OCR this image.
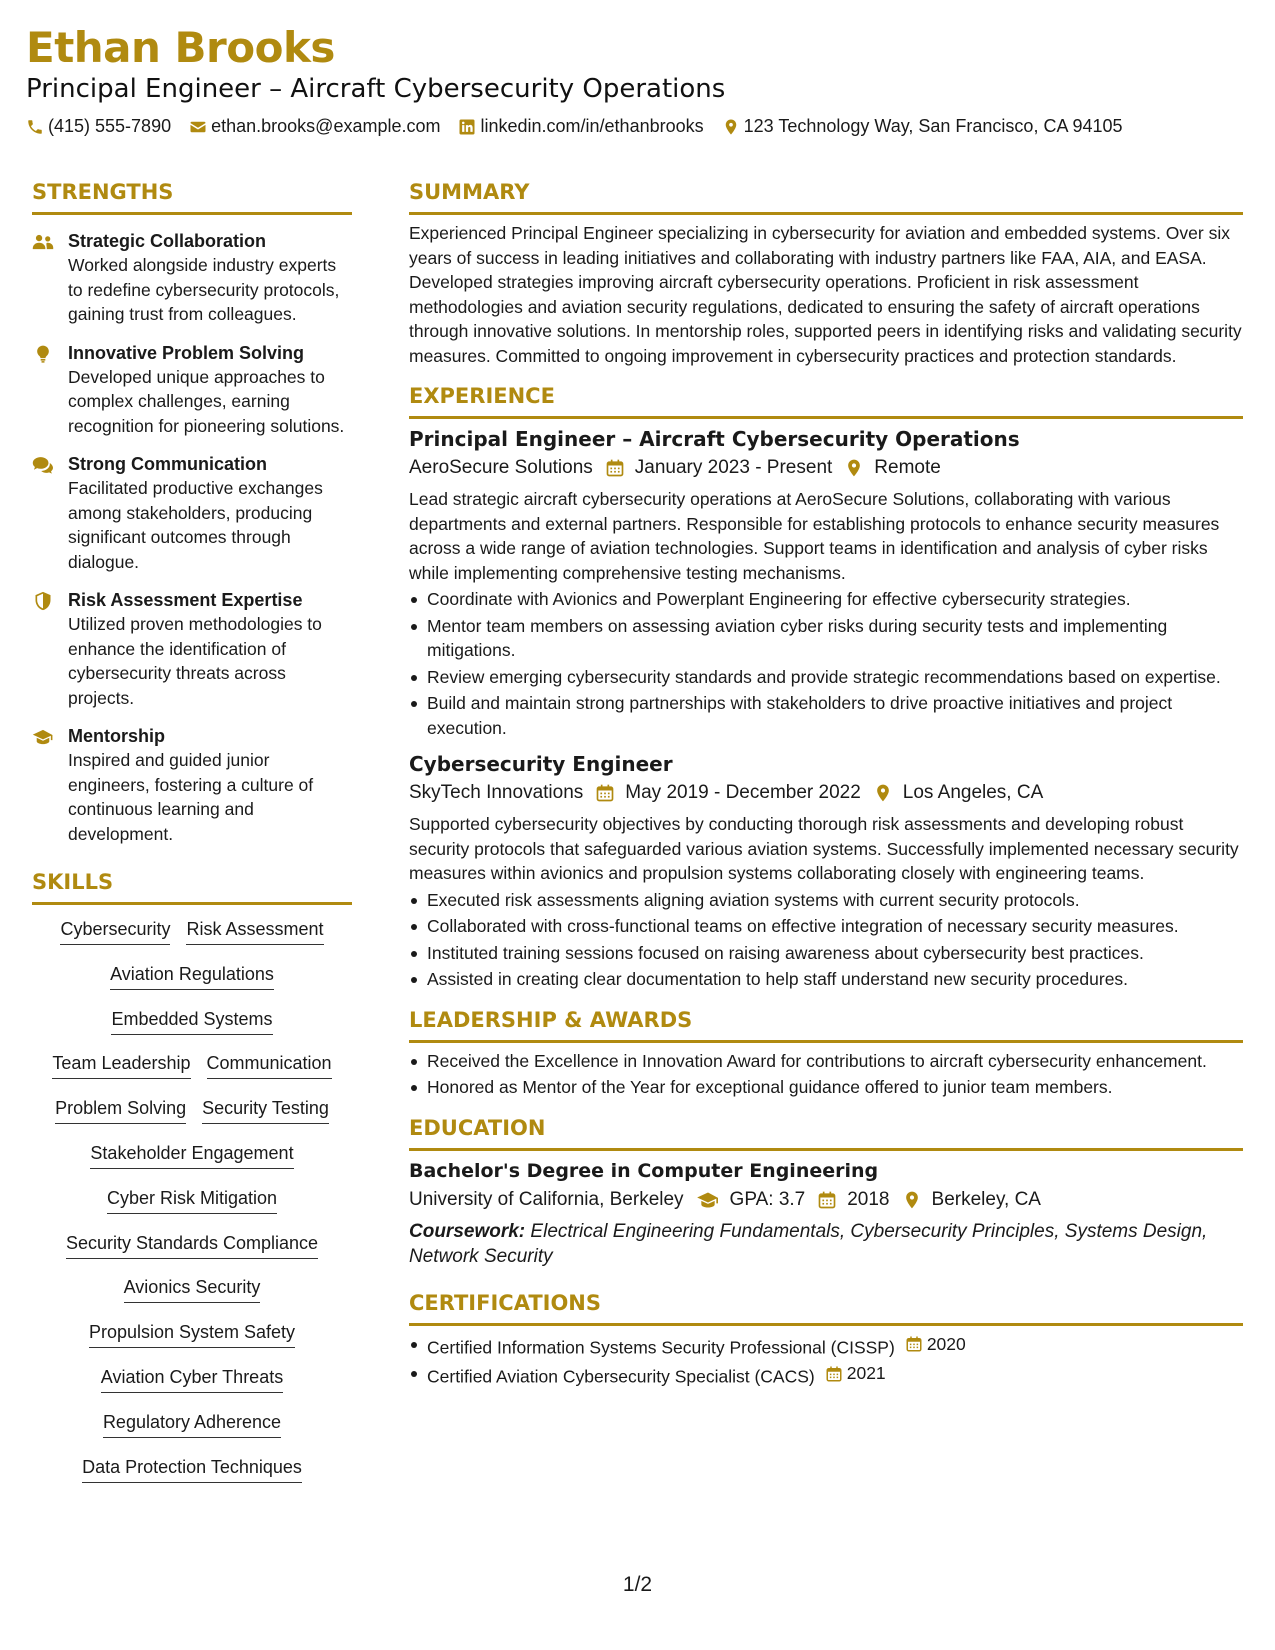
Ethan Brooks
Principal Engineer – Aircraft Cybersecurity Operations
(415) 555-7890 ethan.brooks@example.com linkedin.com/in/ethanbrooks 123 Technology Way, San Francisco, CA 94105
STRENGTHS
Strategic Collaboration
Worked alongside industry experts to redefine cybersecurity protocols, gaining trust from colleagues.
Innovative Problem Solving
Developed unique approaches to complex challenges, earning recognition for pioneering solutions.
Strong Communication
Facilitated productive exchanges among stakeholders, producing significant outcomes through dialogue.
Risk Assessment Expertise
Utilized proven methodologies to enhance the identification of cybersecurity threats across projects.
Mentorship
Inspired and guided junior engineers, fostering a culture of continuous learning and development.
SKILLS
Cybersecurity Risk Assessment
Aviation Regulations
Embedded Systems
Team Leadership Communication
Problem Solving Security Testing
Stakeholder Engagement
Cyber Risk Mitigation
Security Standards Compliance
Avionics Security
Propulsion System Safety
Aviation Cyber Threats
Regulatory Adherence
Data Protection Techniques
SUMMARY
Experienced Principal Engineer specializing in cybersecurity for aviation and embedded systems. Over six years of success in leading initiatives and collaborating with industry partners like FAA, AIA, and EASA. Developed strategies improving aircraft cybersecurity operations. Proficient in risk assessment methodologies and aviation security regulations, dedicated to ensuring the safety of aircraft operations through innovative solutions. In mentorship roles, supported peers in identifying risks and validating security measures. Committed to ongoing improvement in cybersecurity practices and protection standards.
EXPERIENCE
Principal Engineer – Aircraft Cybersecurity Operations
AeroSecure Solutions January 2023 - Present Remote
Lead strategic aircraft cybersecurity operations at AeroSecure Solutions, collaborating with various departments and external partners. Responsible for establishing protocols to enhance security measures across a wide range of aviation technologies. Support teams in identification and analysis of cyber risks while implementing comprehensive testing mechanisms.
Coordinate with Avionics and Powerplant Engineering for effective cybersecurity strategies.
Mentor team members on assessing aviation cyber risks during security tests and implementing mitigations.
Review emerging cybersecurity standards and provide strategic recommendations based on expertise.
Build and maintain strong partnerships with stakeholders to drive proactive initiatives and project execution.
Cybersecurity Engineer
SkyTech Innovations May 2019 - December 2022 Los Angeles, CA
Supported cybersecurity objectives by conducting thorough risk assessments and developing robust security protocols that safeguarded various aviation systems. Successfully implemented necessary security measures within avionics and propulsion systems collaborating closely with engineering teams.
Executed risk assessments aligning aviation systems with current security protocols.
Collaborated with cross-functional teams on effective integration of necessary security measures.
Instituted training sessions focused on raising awareness about cybersecurity best practices.
Assisted in creating clear documentation to help staff understand new security procedures.
LEADERSHIP & AWARDS
Received the Excellence in Innovation Award for contributions to aircraft cybersecurity enhancement.
Honored as Mentor of the Year for exceptional guidance offered to junior team members.
EDUCATION
Bachelor's Degree in Computer Engineering
University of California, Berkeley GPA: 3.7 2018 Berkeley, CA
Coursework: Electrical Engineering Fundamentals, Cybersecurity Principles, Systems Design, Network Security
CERTIFICATIONS
Certified Information Systems Security Professional (CISSP) 2020
Certified Aviation Cybersecurity Specialist (CACS) 2021
1/2
